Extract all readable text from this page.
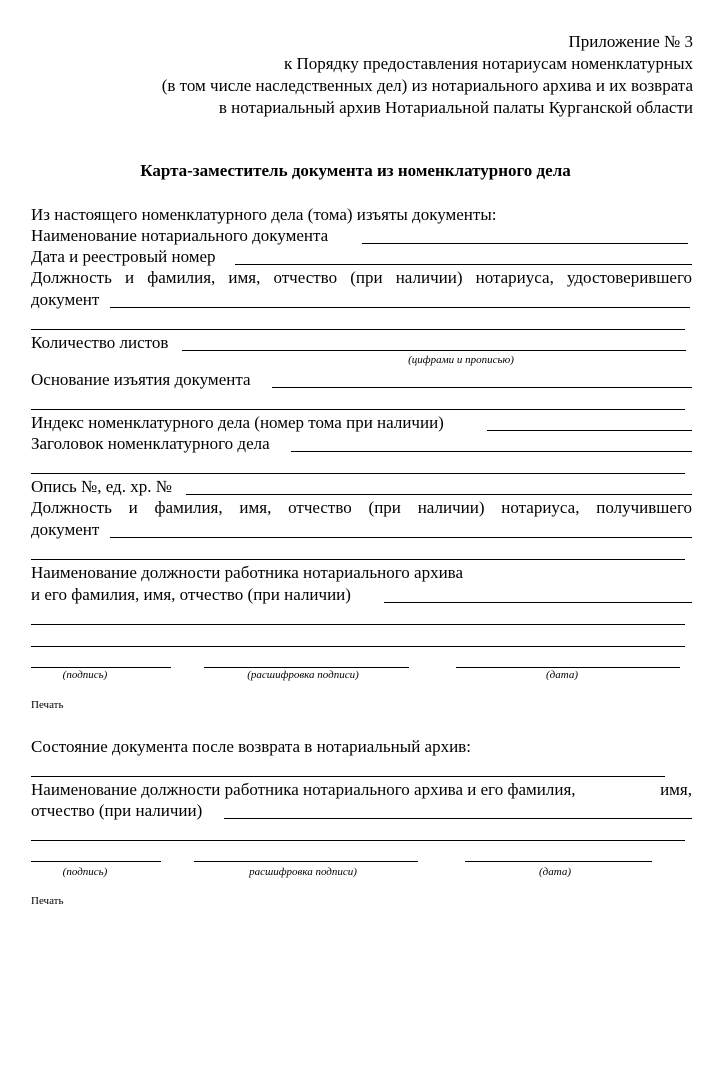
Приложение № 3
к Порядку предоставления нотариусам номенклатурных
(в том числе наследственных дел) из нотариального архива и их возврата
в нотариальный архив Нотариальной палаты Курганской области
Карта-заместитель документа из номенклатурного дела
Из настоящего номенклатурного дела (тома) изъяты документы:
Наименование нотариального документа
Дата и реестровый номер
Должность и фамилия, имя, отчество (при наличии) нотариуса, удостоверившего
документ
Количество листов
(цифрами и прописью)
Основание изъятия документа
Индекс номенклатурного дела (номер тома при наличии)
Заголовок номенклатурного дела
Опись №, ед. хр. №
Должность и фамилия, имя, отчество (при наличии) нотариуса, получившего
документ
Наименование должности работника нотариального архива
и его фамилия, имя, отчество (при наличии)
(подпись)	(расшифровка подписи)	(дата)
Печать
Состояние документа после возврата в нотариальный архив:
Наименование должности работника нотариального архива и его фамилия,	имя,
отчество (при наличии)
(подпись)	расшифровка подписи)	(дата)
Печать
